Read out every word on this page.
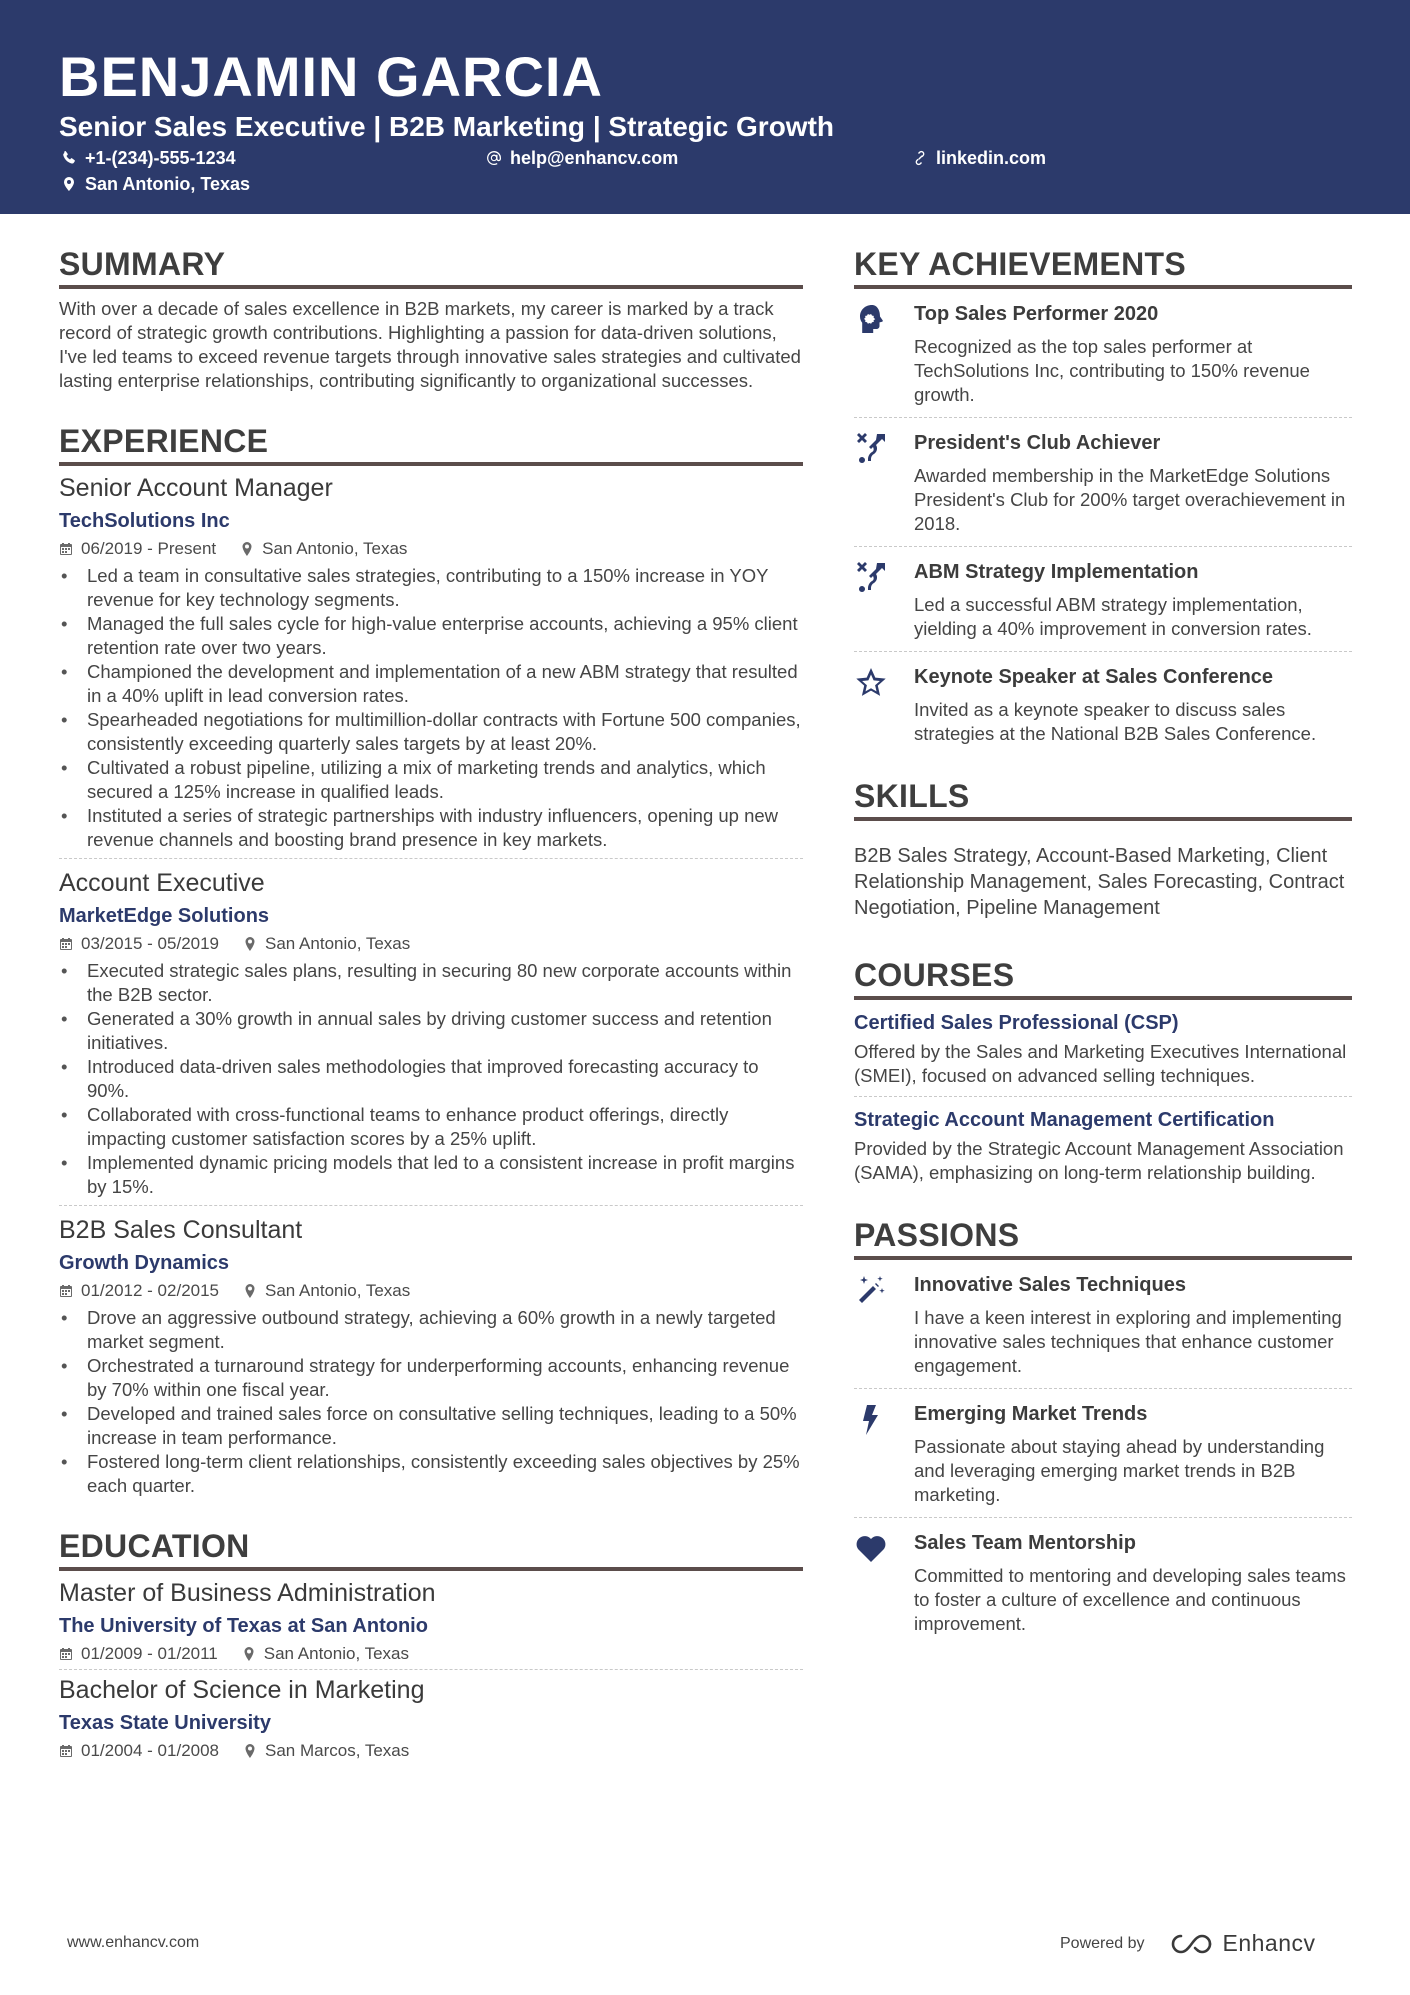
BENJAMIN GARCIA
Senior Sales Executive | B2B Marketing | Strategic Growth
+1-(234)-555-1234	help@enhancv.com	linkedin.com
San Antonio, Texas
SUMMARY

With over a decade of sales excellence in B2B markets, my career is marked by a track record of strategic growth contributions. Highlighting a passion for data-driven solutions, I've led teams to exceed revenue targets through innovative sales strategies and cultivated lasting enterprise relationships, contributing significantly to organizational successes.

EXPERIENCE
Senior Account Manager
TechSolutions Inc
06/2019 - Present	San Antonio, Texas
• Led a team in consultative sales strategies, contributing to a 150% increase in YOY revenue for key technology segments.
• Managed the full sales cycle for high-value enterprise accounts, achieving a 95% client retention rate over two years.
• Championed the development and implementation of a new ABM strategy that resulted in a 40% uplift in lead conversion rates.
• Spearheaded negotiations for multimillion-dollar contracts with Fortune 500 companies, consistently exceeding quarterly sales targets by at least 20%.
• Cultivated a robust pipeline, utilizing a mix of marketing trends and analytics, which secured a 125% increase in qualified leads.
• Instituted a series of strategic partnerships with industry influencers, opening up new revenue channels and boosting brand presence in key markets.
Account Executive
MarketEdge Solutions
03/2015 - 05/2019	San Antonio, Texas
• Executed strategic sales plans, resulting in securing 80 new corporate accounts within the B2B sector.
• Generated a 30% growth in annual sales by driving customer success and retention initiatives.
• Introduced data-driven sales methodologies that improved forecasting accuracy to 90%.
• Collaborated with cross-functional teams to enhance product offerings, directly impacting customer satisfaction scores by a 25% uplift.
• Implemented dynamic pricing models that led to a consistent increase in profit margins by 15%.
B2B Sales Consultant
Growth Dynamics
01/2012 - 02/2015	San Antonio, Texas
• Drove an aggressive outbound strategy, achieving a 60% growth in a newly targeted market segment.
• Orchestrated a turnaround strategy for underperforming accounts, enhancing revenue by 70% within one fiscal year.
• Developed and trained sales force on consultative selling techniques, leading to a 50% increase in team performance.
• Fostered long-term client relationships, consistently exceeding sales objectives by 25% each quarter.
EDUCATION
Master of Business Administration
The University of Texas at San Antonio
01/2009 - 01/2011	San Antonio, Texas
Bachelor of Science in Marketing
Texas State University
01/2004 - 01/2008	San Marcos, Texas
KEY ACHIEVEMENTS
Top Sales Performer 2020
Recognized as the top sales performer at TechSolutions Inc, contributing to 150% revenue growth.
President's Club Achiever
Awarded membership in the MarketEdge Solutions President's Club for 200% target overachievement in 2018.
ABM Strategy Implementation
Led a successful ABM strategy implementation, yielding a 40% improvement in conversion rates.
Keynote Speaker at Sales Conference
Invited as a keynote speaker to discuss sales strategies at the National B2B Sales Conference.
SKILLS
B2B Sales Strategy, Account-Based Marketing, Client Relationship Management, Sales Forecasting, Contract Negotiation, Pipeline Management
COURSES
Certified Sales Professional (CSP)
Offered by the Sales and Marketing Executives International (SMEI), focused on advanced selling techniques.
Strategic Account Management Certification
Provided by the Strategic Account Management Association (SAMA), emphasizing on long-term relationship building.
PASSIONS
Innovative Sales Techniques
I have a keen interest in exploring and implementing innovative sales techniques that enhance customer engagement.
Emerging Market Trends
Passionate about staying ahead by understanding and leveraging emerging market trends in B2B marketing.
Sales Team Mentorship
Committed to mentoring and developing sales teams to foster a culture of excellence and continuous improvement.
www.enhancv.com	Powered by	Enhancv
